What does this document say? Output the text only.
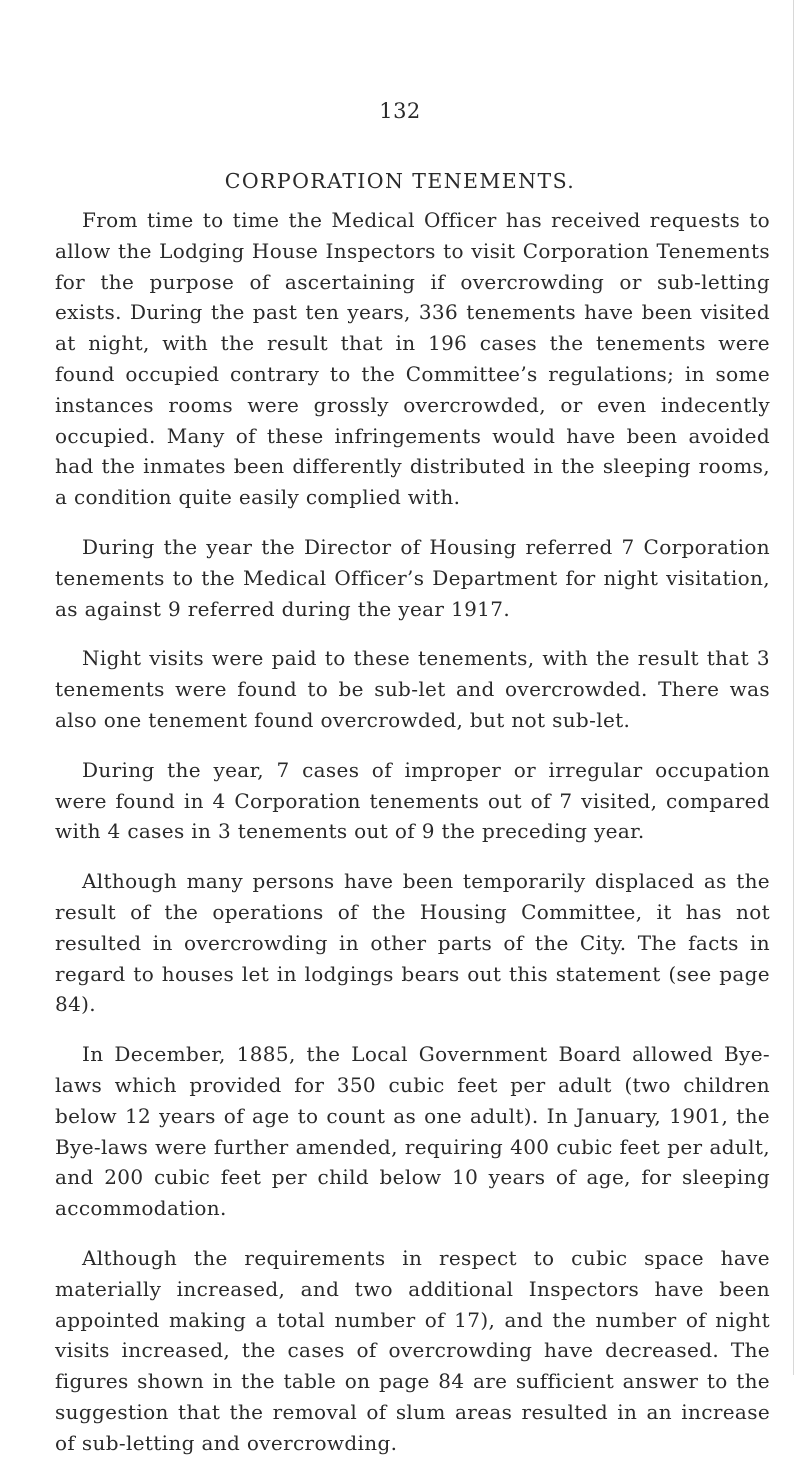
132
CORPORATION TENEMENTS.

From time to time the Medical Officer has received requests to allow the Lodging House Inspectors to visit Corporation Tenements for the purpose of ascertaining if overcrowding or sub-letting exists. During the past ten years, 336 tenements have been visited at night, with the result that in 196 cases the tenements were found occupied contrary to the Committee’s regulations; in some instances rooms were grossly overcrowded, or even indecently occupied. Many of these infringements would have been avoided had the inmates been differently distributed in the sleeping rooms, a condition quite easily complied with.

During the year the Director of Housing referred 7 Corporation tenements to the Medical Officer’s Department for night visitation, as against 9 referred during the year 1917.

Night visits were paid to these tenements, with the result that 3 tenements were found to be sub-let and overcrowded. There was also one tenement found overcrowded, but not sub-let.

During the year, 7 cases of improper or irregular occupation were found in 4 Corporation tenements out of 7 visited, compared with 4 cases in 3 tenements out of 9 the preceding year.

Although many persons have been temporarily displaced as the result of the operations of the Housing Committee, it has not resulted in overcrowding in other parts of the City. The facts in regard to houses let in lodgings bears out this statement (see page 84).

In December, 1885, the Local Government Board allowed Bye-laws which provided for 350 cubic feet per adult (two children below 12 years of age to count as one adult). In January, 1901, the Bye-laws were further amended, requiring 400 cubic feet per adult, and 200 cubic feet per child below 10 years of age, for sleeping accommodation.

Although the requirements in respect to cubic space have materially increased, and two additional Inspectors have been appointed making a total number of 17), and the number of night visits increased, the cases of overcrowding have decreased. The figures shown in the table on page 84 are sufficient answer to the suggestion that the removal of slum areas resulted in an increase of sub-letting and overcrowding.
